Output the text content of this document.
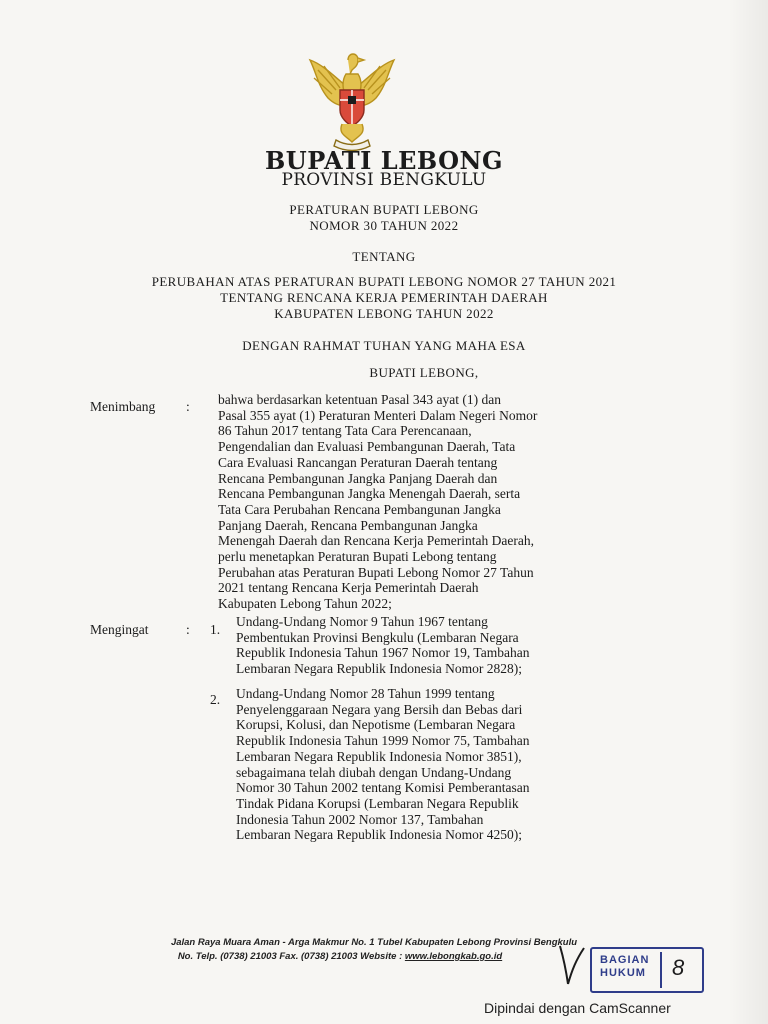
BUPATI LEBONG
PROVINSI BENGKULU
PERATURAN BUPATI LEBONG
NOMOR 30 TAHUN 2022
TENTANG
PERUBAHAN ATAS PERATURAN BUPATI LEBONG NOMOR 27 TAHUN 2021
TENTANG RENCANA KERJA PEMERINTAH DAERAH
KABUPATEN LEBONG TAHUN 2022
DENGAN RAHMAT TUHAN YANG MAHA ESA
BUPATI LEBONG,
Menimbang : bahwa berdasarkan ketentuan Pasal 343 ayat (1) dan
Pasal 355 ayat (1) Peraturan Menteri Dalam Negeri Nomor
86 Tahun 2017 tentang Tata Cara Perencanaan,
Pengendalian dan Evaluasi Pembangunan Daerah, Tata
Cara Evaluasi Rancangan Peraturan Daerah tentang
Rencana Pembangunan Jangka Panjang Daerah dan
Rencana Pembangunan Jangka Menengah Daerah, serta
Tata Cara Perubahan Rencana Pembangunan Jangka
Panjang Daerah, Rencana Pembangunan Jangka
Menengah Daerah dan Rencana Kerja Pemerintah Daerah,
perlu menetapkan Peraturan Bupati Lebong tentang
Perubahan atas Peraturan Bupati Lebong Nomor 27 Tahun
2021 tentang Rencana Kerja Pemerintah Daerah
Kabupaten Lebong Tahun 2022;
Mengingat	: 1.
Undang-Undang Nomor 9 Tahun 1967 tentang
Pembentukan Provinsi Bengkulu (Lembaran Negara
Republik Indonesia Tahun 1967 Nomor 19, Tambahan
Lembaran Negara Republik Indonesia Nomor 2828);
2. Undang-Undang Nomor 28 Tahun 1999 tentang
Penyelenggaraan Negara yang Bersih dan Bebas dari
Korupsi, Kolusi, dan Nepotisme (Lembaran Negara
Republik Indonesia Tahun 1999 Nomor 75, Tambahan
Lembaran Negara Republik Indonesia Nomor 3851),
sebagaimana telah diubah dengan Undang-Undang
Nomor 30 Tahun 2002 tentang Komisi Pemberantasan
Tindak Pidana Korupsi (Lembaran Negara Republik
Indonesia Tahun 2002 Nomor 137, Tambahan
Lembaran Negara Republik Indonesia Nomor 4250);
Jalan Raya Muara Aman - Arga Makmur No. 1 Tubel Kabupaten Lebong Provinsi Bengkulu
No. Telp. (0738) 21003 Fax. (0738) 21003 Website : www.lebongkab.go.id	BAGIAN
HUKUM	8
Dipindai dengan CamScanner
